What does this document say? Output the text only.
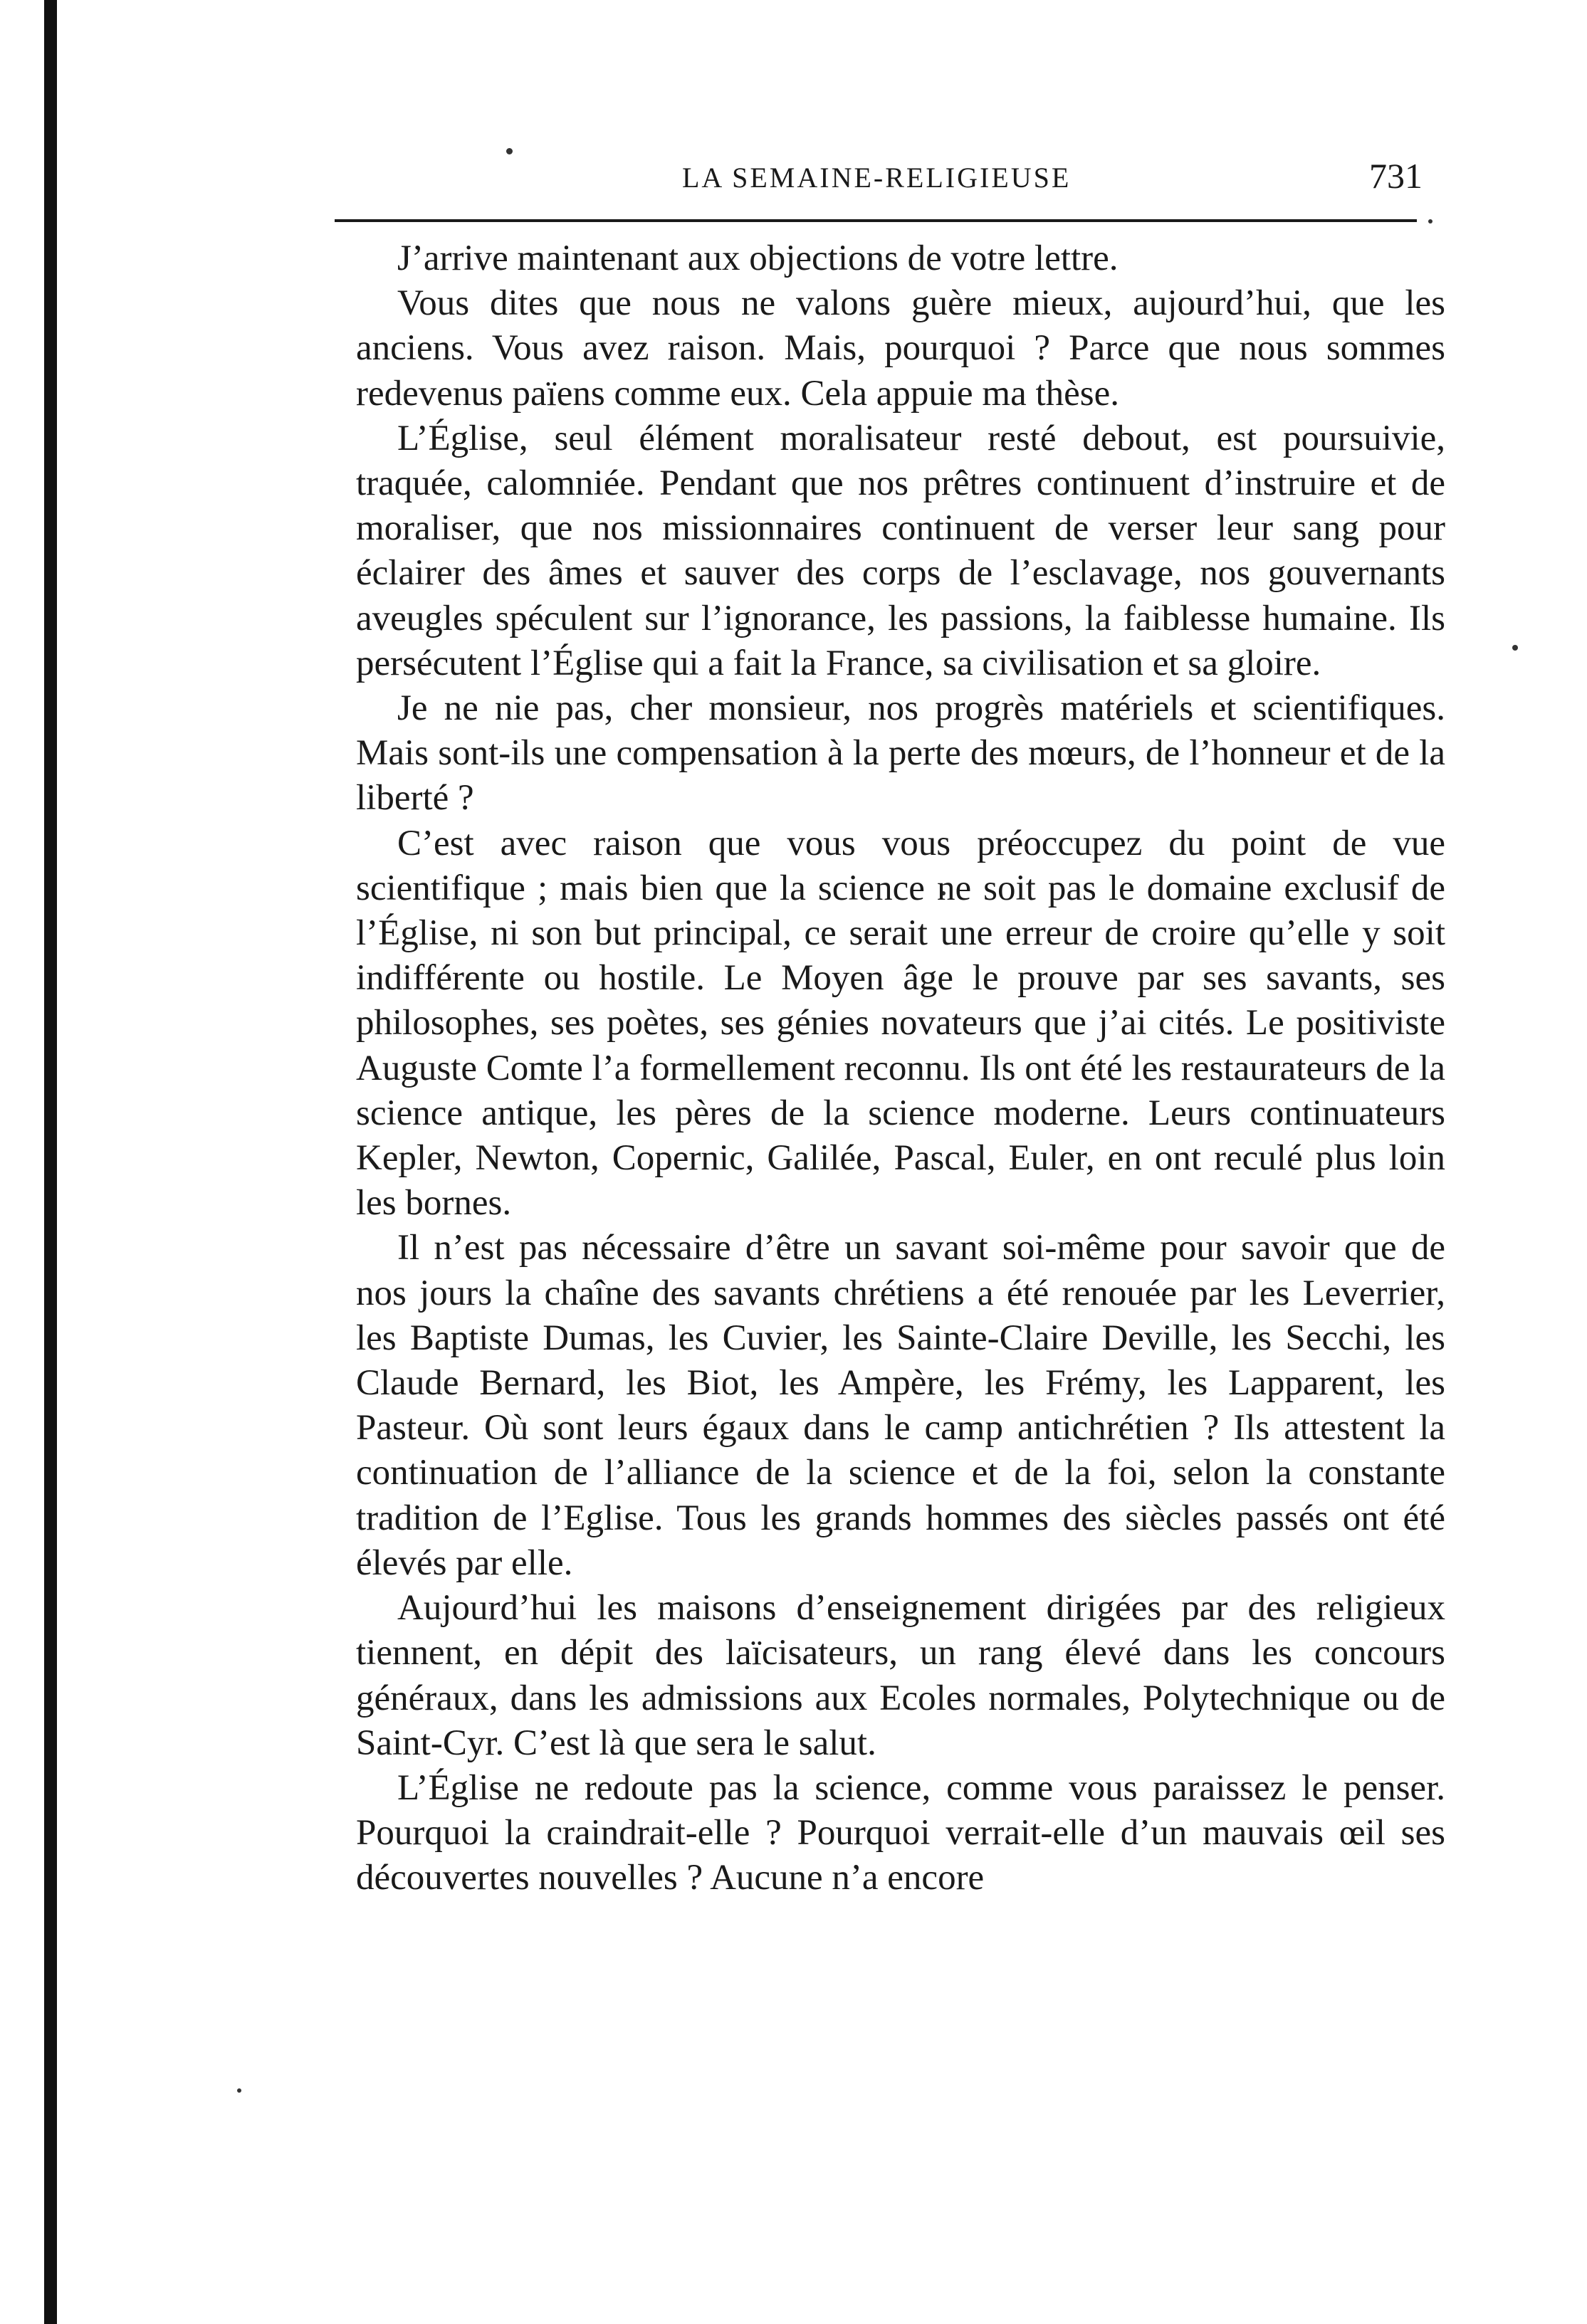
LA SEMAINE-RELIGIEUSE	731

J’arrive maintenant aux objections de votre lettre.

Vous dites que nous ne valons guère mieux, aujourd’hui, que les anciens. Vous avez raison. Mais, pourquoi ? Parce que nous sommes redevenus païens comme eux. Cela appuie ma thèse.

L’Église, seul élément moralisateur resté debout, est poursuivie, traquée, calomniée. Pendant que nos prêtres continuent d’instruire et de moraliser, que nos missionnaires continuent de verser leur sang pour éclairer des âmes et sauver des corps de l’esclavage, nos gouvernants aveugles spéculent sur l’ignorance, les passions, la faiblesse humaine. Ils persécutent l’Église qui a fait la France, sa civilisation et sa gloire.

Je ne nie pas, cher monsieur, nos progrès matériels et scientifiques. Mais sont-ils une compensation à la perte des mœurs, de l’honneur et de la liberté ?

C’est avec raison que vous vous préoccupez du point de vue scientifique ; mais bien que la science ne soit pas le domaine exclusif de l’Église, ni son but principal, ce serait une erreur de croire qu’elle y soit indifférente ou hostile. Le Moyen âge le prouve par ses savants, ses philosophes, ses poètes, ses génies novateurs que j’ai cités. Le positiviste Auguste Comte l’a formellement reconnu. Ils ont été les restaurateurs de la science antique, les pères de la science moderne. Leurs continuateurs Kepler, Newton, Copernic, Galilée, Pascal, Euler, en ont reculé plus loin les bornes.

Il n’est pas nécessaire d’être un savant soi-même pour savoir que de nos jours la chaîne des savants chrétiens a été renouée par les Leverrier, les Baptiste Dumas, les Cuvier, les Sainte-Claire Deville, les Secchi, les Claude Bernard, les Biot, les Ampère, les Frémy, les Lapparent, les Pasteur. Où sont leurs égaux dans le camp antichrétien ? Ils attestent la continuation de l’alliance de la science et de la foi, selon la constante tradition de l’Eglise. Tous les grands hommes des siècles passés ont été élevés par elle.

Aujourd’hui les maisons d’enseignement dirigées par des religieux tiennent, en dépit des laïcisateurs, un rang élevé dans les concours généraux, dans les admissions aux Ecoles normales, Polytechnique ou de Saint-Cyr. C’est là que sera le salut.

L’Église ne redoute pas la science, comme vous paraissez le penser. Pourquoi la craindrait-elle ? Pourquoi verrait-elle d’un mauvais œil ses découvertes nouvelles ? Aucune n’a encore
